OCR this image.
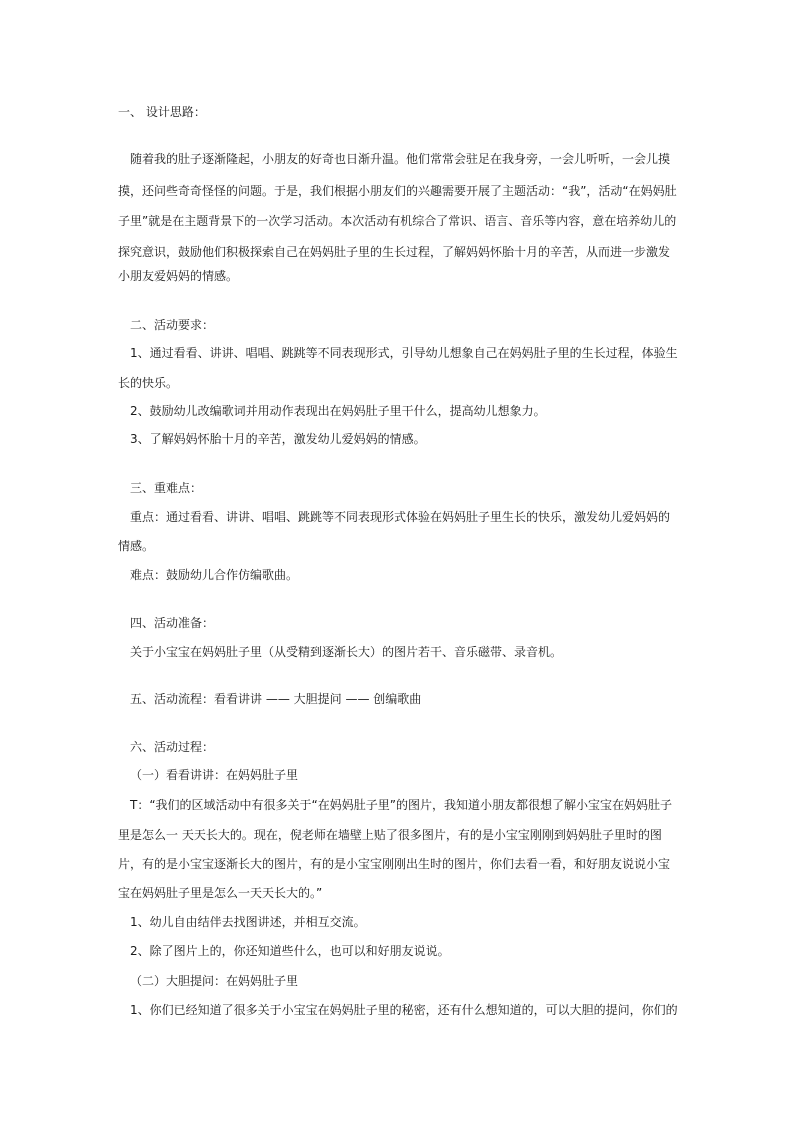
一、 设计思路：
随着我的肚子逐渐隆起，小朋友的好奇也日渐升温。他们常常会驻足在我身旁，一会儿听听，一会儿摸
摸，还问些奇奇怪怪的问题。于是，我们根据小朋友们的兴趣需要开展了主题活动：“我”，活动“在妈妈肚
子里”就是在主题背景下的一次学习活动。本次活动有机综合了常识、语言、音乐等内容，意在培养幼儿的
探究意识，鼓励他们积极探索自己在妈妈肚子里的生长过程，了解妈妈怀胎十月的辛苦，从而进一步激发
小朋友爱妈妈的情感。
二、活动要求：
1、通过看看、讲讲、唱唱、跳跳等不同表现形式，引导幼儿想象自己在妈妈肚子里的生长过程，体验生
长的快乐。
2、鼓励幼儿改编歌词并用动作表现出在妈妈肚子里干什么，提高幼儿想象力。
3、了解妈妈怀胎十月的辛苦，激发幼儿爱妈妈的情感。
三、重难点：
重点：通过看看、讲讲、唱唱、跳跳等不同表现形式体验在妈妈肚子里生长的快乐，激发幼儿爱妈妈的
情感。
难点：鼓励幼儿合作仿编歌曲。
四、活动准备：
关于小宝宝在妈妈肚子里（从受精到逐渐长大）的图片若干、音乐磁带、录音机。
五、活动流程：看看讲讲 —— 大胆提问 —— 创编歌曲
六、活动过程：
（一）看看讲讲：在妈妈肚子里
T：“我们的区域活动中有很多关于“在妈妈肚子里”的图片，我知道小朋友都很想了解小宝宝在妈妈肚子
里是怎么一 天天长大的。现在，倪老师在墙壁上贴了很多图片，有的是小宝宝刚刚到妈妈肚子里时的图
片，有的是小宝宝逐渐长大的图片，有的是小宝宝刚刚出生时的图片，你们去看一看，和好朋友说说小宝
宝在妈妈肚子里是怎么一天天长大的。”
1、幼儿自由结伴去找图讲述，并相互交流。
2、除了图片上的，你还知道些什么，也可以和好朋友说说。
（二）大胆提问：在妈妈肚子里
1、你们已经知道了很多关于小宝宝在妈妈肚子里的秘密，还有什么想知道的，可以大胆的提问，你们的
